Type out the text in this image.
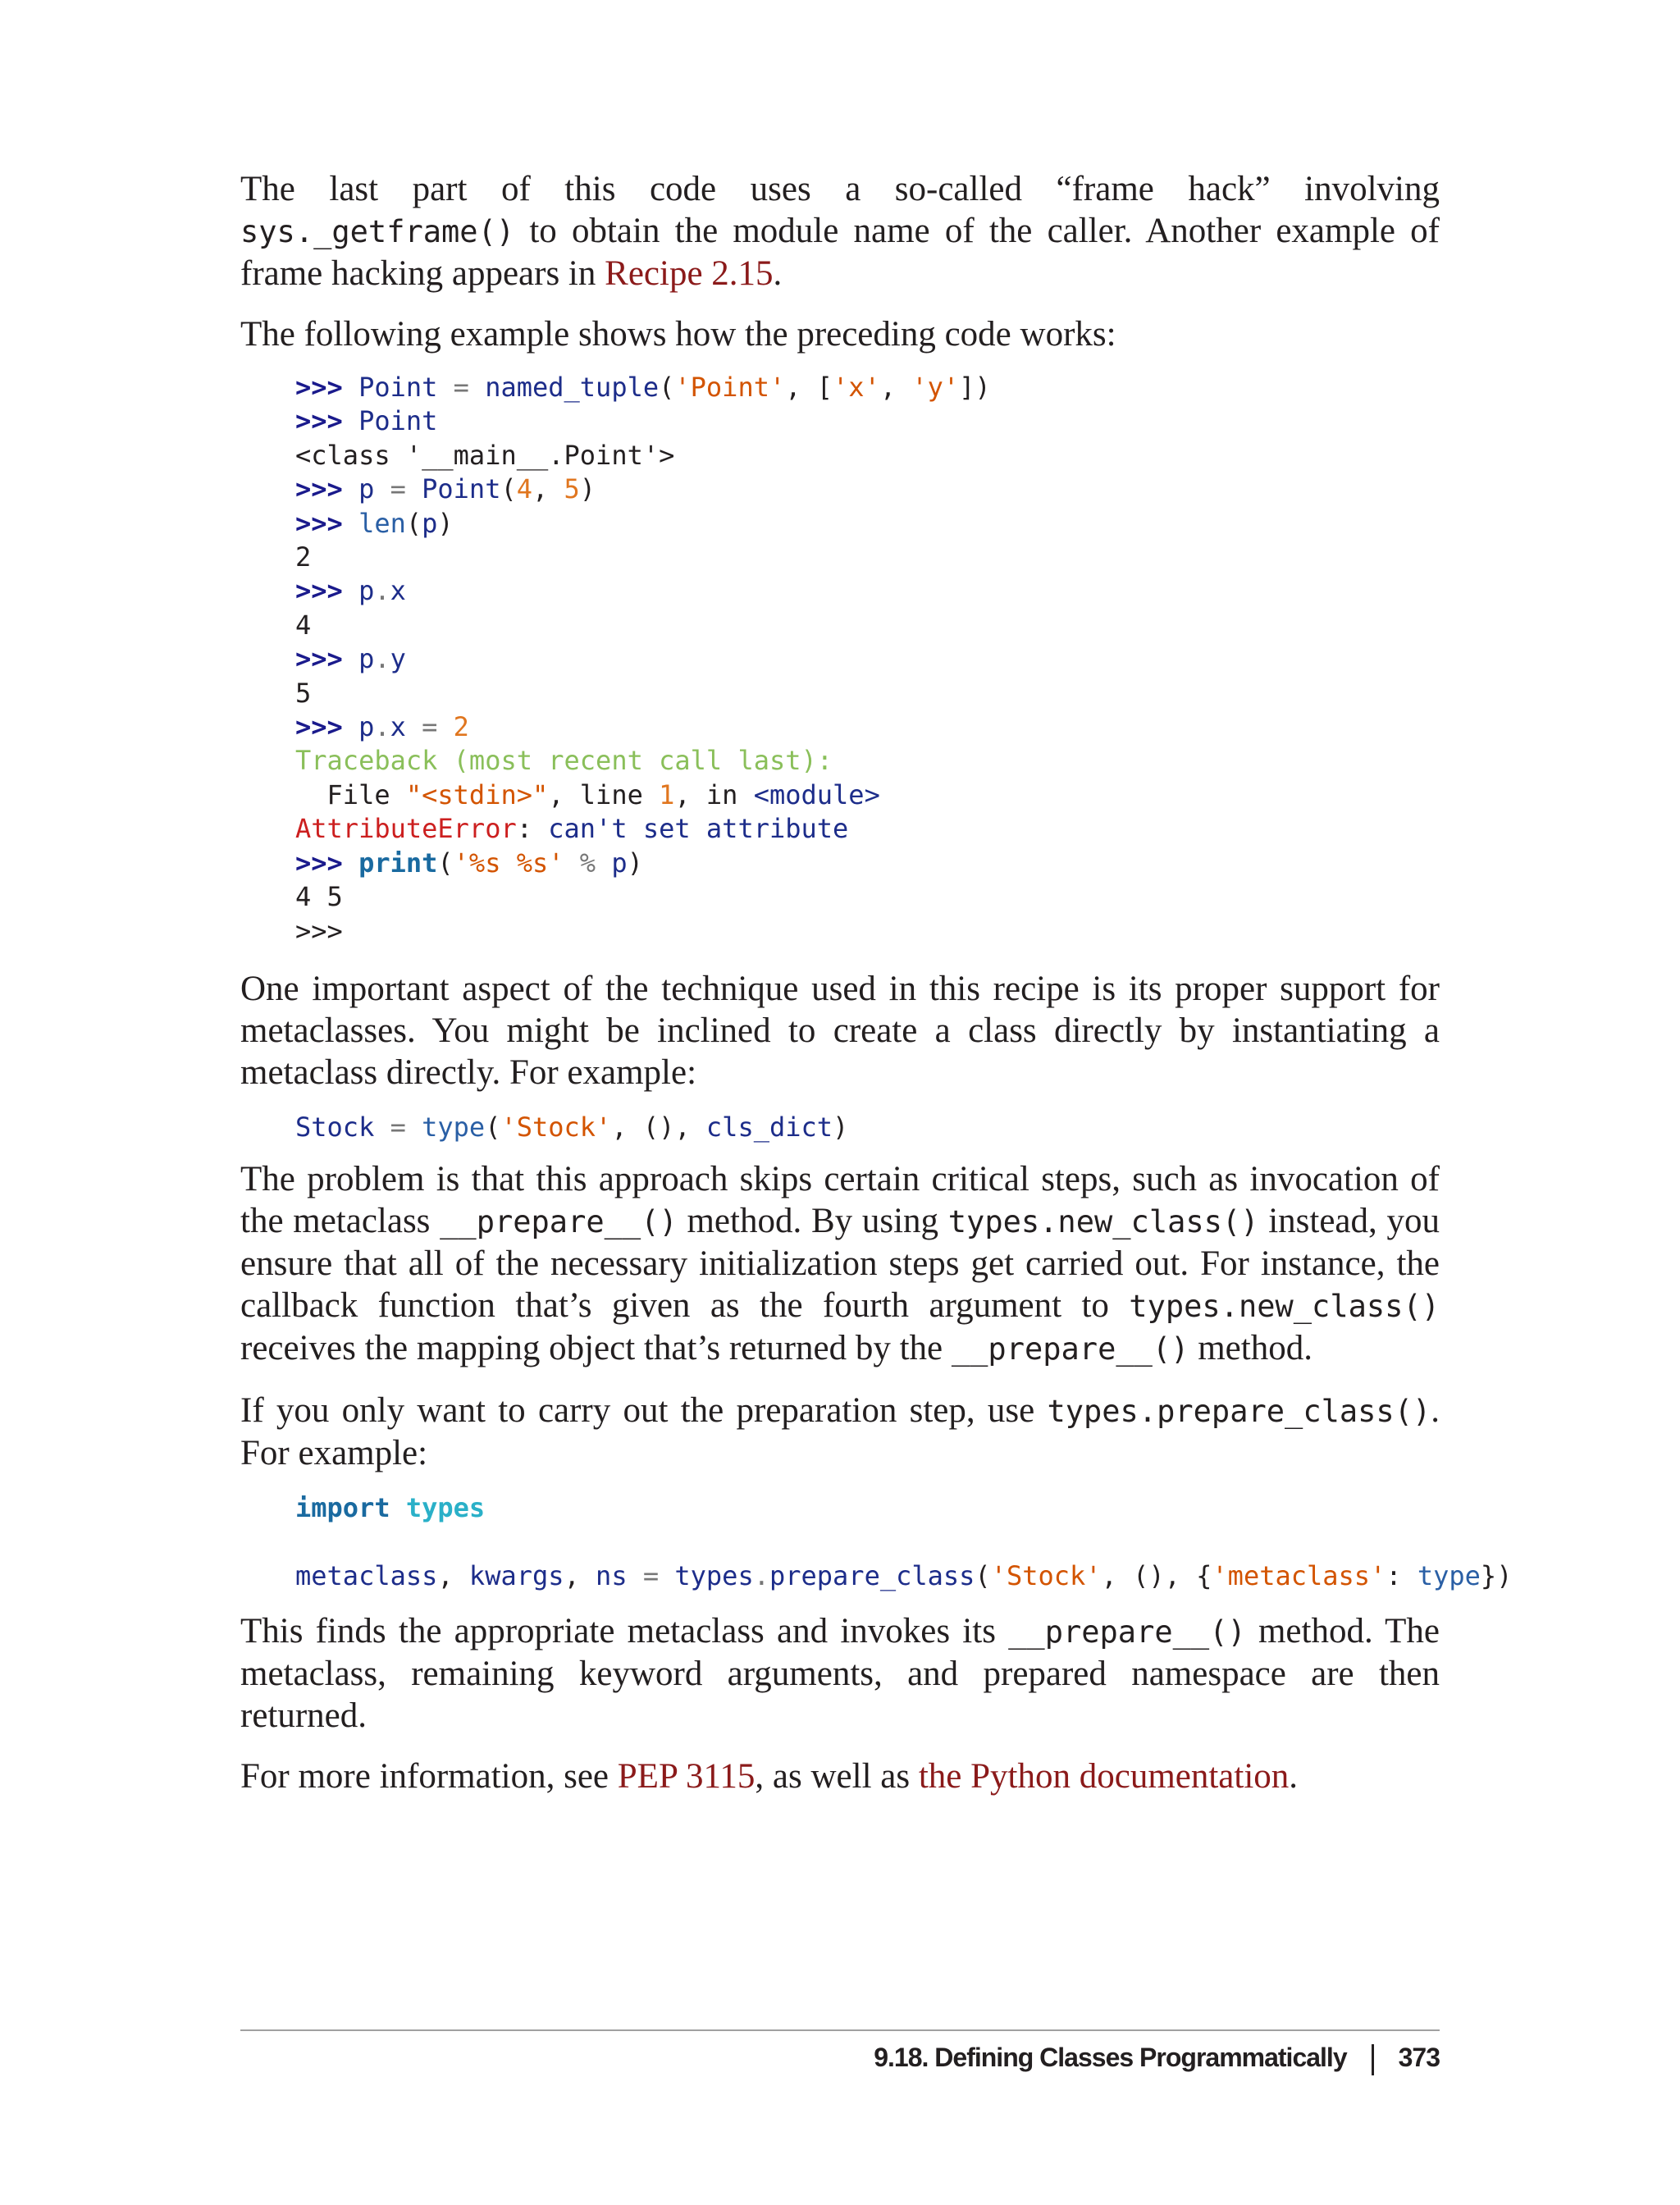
The last part of this code uses a so-called “frame hack” involving sys._getframe() to obtain the module name of the caller. Another example of frame hacking appears in Recipe 2.15.

The following example shows how the preceding code works:

>>> Point = named_tuple('Point', ['x', 'y'])
>>> Point
<class '__main__.Point'>
>>> p = Point(4, 5)
>>> len(p)
2
>>> p.x
4
>>> p.y
5
>>> p.x = 2
Traceback (most recent call last):
File "<stdin>", line 1, in <module>
AttributeError: can't set attribute
>>> print('%s %s' % p)
4 5
>>>

One important aspect of the technique used in this recipe is its proper support for metaclasses. You might be inclined to create a class directly by instantiating a metaclass directly. For example:

Stock = type('Stock', (), cls_dict)

The problem is that this approach skips certain critical steps, such as invocation of the metaclass __prepare__() method. By using types.new_class() instead, you ensure that all of the necessary initialization steps get carried out. For instance, the callback function that’s given as the fourth argument to types.new_class() receives the mapping object that’s returned by the __prepare__() method.

If you only want to carry out the preparation step, use types.prepare_class(). For example:

import types

metaclass, kwargs, ns = types.prepare_class('Stock', (), {'metaclass': type})

This finds the appropriate metaclass and invokes its __prepare__() method. The metaclass, remaining keyword arguments, and prepared namespace are then returned.

For more information, see PEP 3115, as well as the Python documentation.

9.18. Defining Classes Programmatically 373
